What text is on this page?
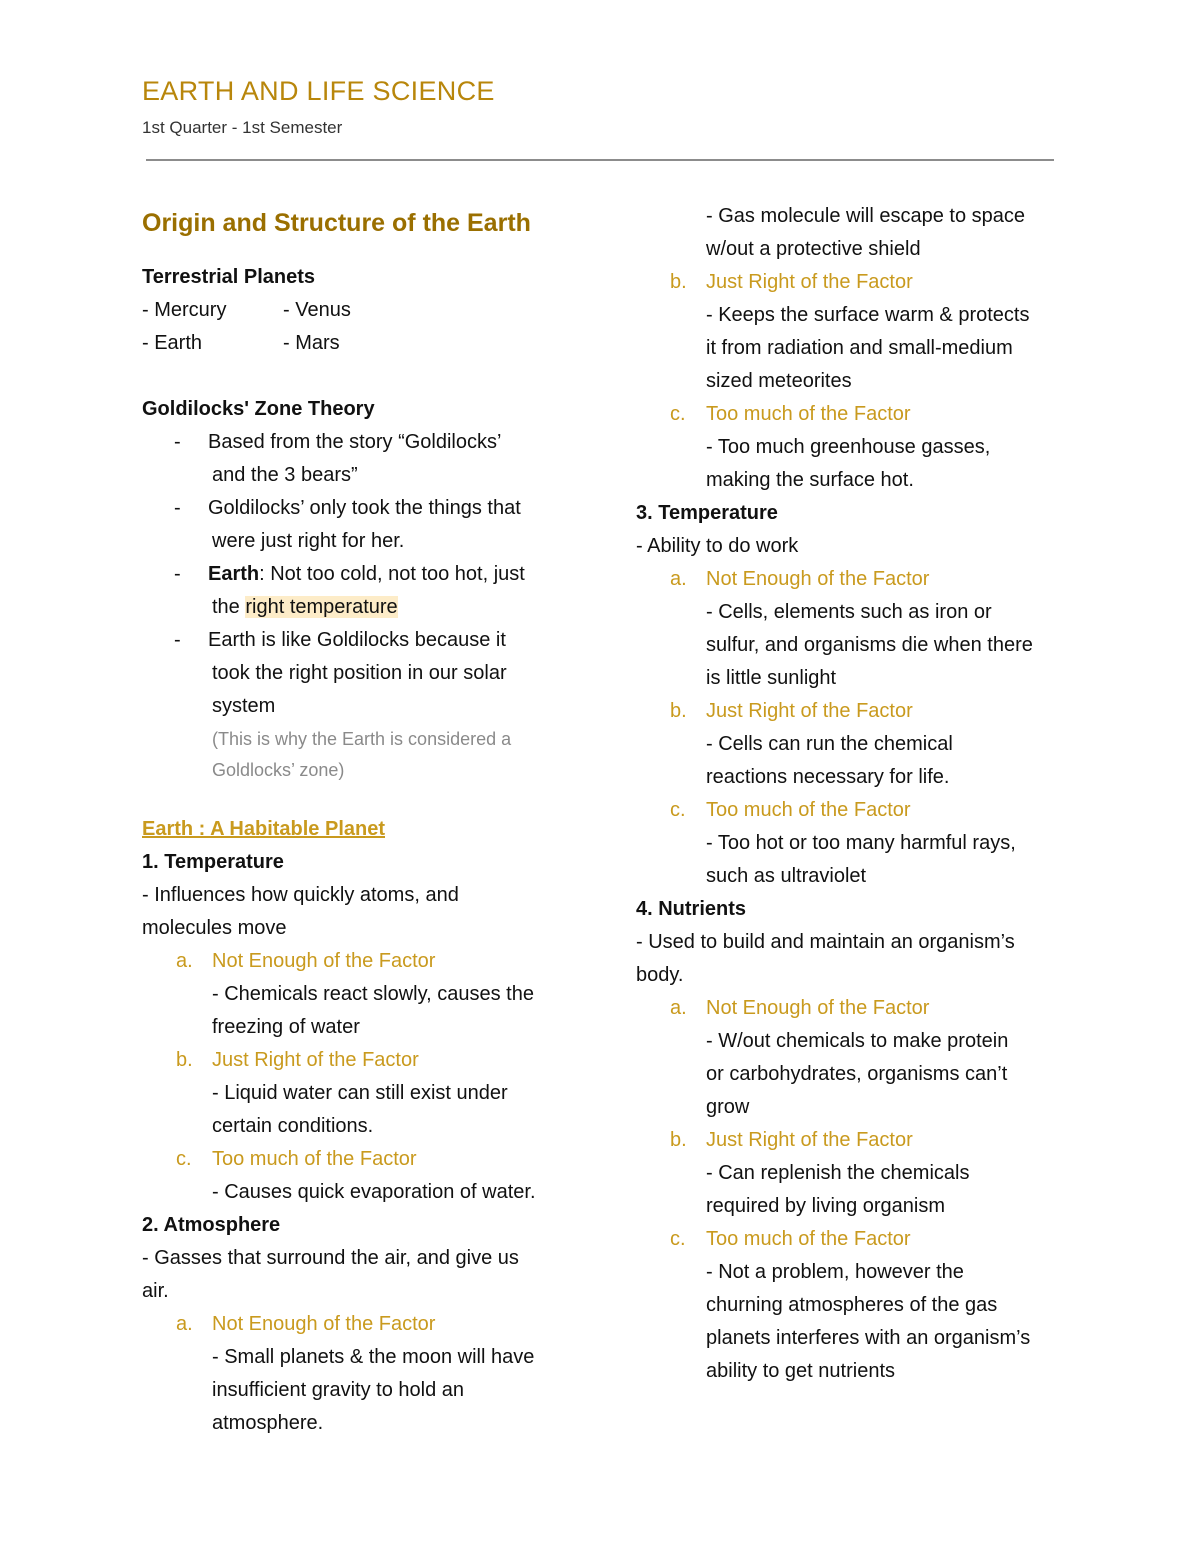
EARTH AND LIFE SCIENCE
1st Quarter - 1st Semester
Origin and Structure of the Earth
Terrestrial Planets
- Mercury	- Venus
- Earth	- Mars
Goldilocks' Zone Theory
- Based from the story “Goldilocks’
and the 3 bears”
- Goldilocks’ only took the things that
were just right for her.
- Earth: Not too cold, not too hot, just
the right temperature
- Earth is like Goldilocks because it
took the right position in our solar
system
(This is why the Earth is considered a
Goldlocks’ zone)
Earth : A Habitable Planet
1. Temperature
- Influences how quickly atoms, and
molecules move
a. Not Enough of the Factor
- Chemicals react slowly, causes the
freezing of water
b. Just Right of the Factor
- Liquid water can still exist under
certain conditions.
c. Too much of the Factor
- Causes quick evaporation of water.
2. Atmosphere
- Gasses that surround the air, and give us
air.
a. Not Enough of the Factor
- Small planets & the moon will have
insufficient gravity to hold an
atmosphere.
- Gas molecule will escape to space
w/out a protective shield
b. Just Right of the Factor
- Keeps the surface warm & protects
it from radiation and small-medium
sized meteorites
c. Too much of the Factor
- Too much greenhouse gasses,
making the surface hot.
3. Temperature
- Ability to do work
a. Not Enough of the Factor
- Cells, elements such as iron or
sulfur, and organisms die when there
is little sunlight
b. Just Right of the Factor
- Cells can run the chemical
reactions necessary for life.
c. Too much of the Factor
- Too hot or too many harmful rays,
such as ultraviolet
4. Nutrients
- Used to build and maintain an organism’s
body.
a. Not Enough of the Factor
- W/out chemicals to make protein
or carbohydrates, organisms can’t
grow
b. Just Right of the Factor
- Can replenish the chemicals
required by living organism
c. Too much of the Factor
- Not a problem, however the
churning atmospheres of the gas
planets interferes with an organism’s
ability to get nutrients
